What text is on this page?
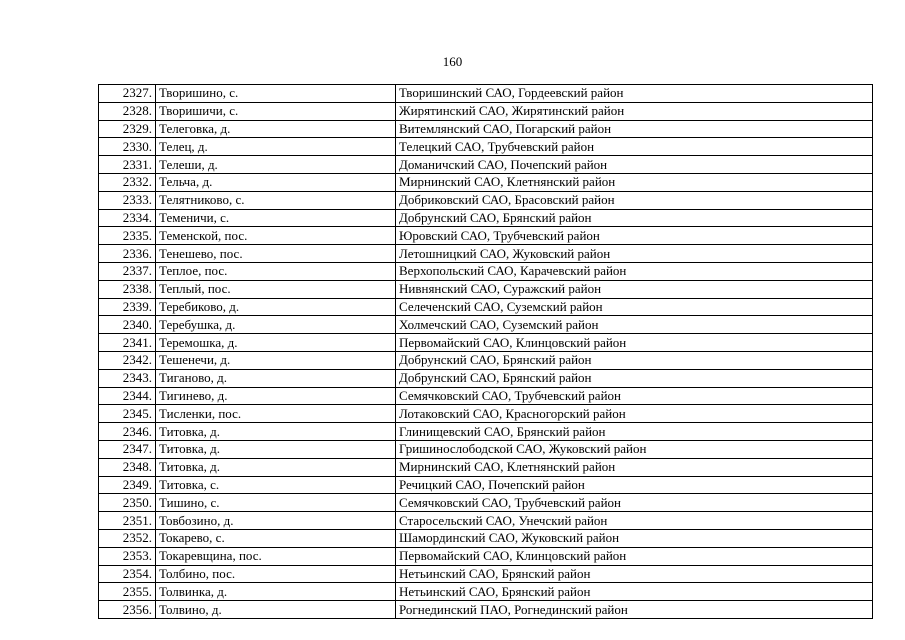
160
2327.	Творишино, с.	Творишинский САО, Гордеевский район
2328.	Творишичи, с.	Жирятинский САО, Жирятинский район
2329.	Телеговка, д.	Витемлянский САО, Погарский район
2330.	Телец, д.	Телецкий САО, Трубчевский район
2331.	Телеши, д.	Доманичский САО, Почепский район
2332.	Тельча, д.	Мирнинский САО, Клетнянский район
2333.	Телятниково, с.	Добриковский САО, Брасовский район
2334.	Теменичи, с.	Добрунский САО, Брянский район
2335.	Теменской, пос.	Юровский САО, Трубчевский район
2336.	Тенешево, пос.	Летошницкий САО, Жуковский район
2337.	Теплое, пос.	Верхопольский САО, Карачевский район
2338.	Теплый, пос.	Нивнянский САО, Суражский район
2339.	Теребиково, д.	Селеченский САО, Суземский район
2340.	Теребушка, д.	Холмечский САО, Суземский район
2341.	Теремошка, д.	Первомайский САО, Клинцовский район
2342.	Тешенечи, д.	Добрунский САО, Брянский район
2343.	Тиганово, д.	Добрунский САО, Брянский район
2344.	Тигинево, д.	Семячковский САО, Трубчевский район
2345.	Тисленки, пос.	Лотаковский САО, Красногорский район
2346.	Титовка, д.	Глинищевский САО, Брянский район
2347.	Титовка, д.	Гришинослободской САО, Жуковский район
2348.	Титовка, д.	Мирнинский САО, Клетнянский район
2349.	Титовка, с.	Речицкий САО, Почепский район
2350.	Тишино, с.	Семячковский САО, Трубчевский район
2351.	Товбозино, д.	Старосельский САО, Унечский район
2352.	Токарево, с.	Шамординский САО, Жуковский район
2353.	Токаревщина, пос.	Первомайский САО, Клинцовский район
2354.	Толбино, пос.	Нетьинский САО, Брянский район
2355.	Толвинка, д.	Нетьинский САО, Брянский район
2356.	Толвино, д.	Рогнединский ПАО, Рогнединский район
